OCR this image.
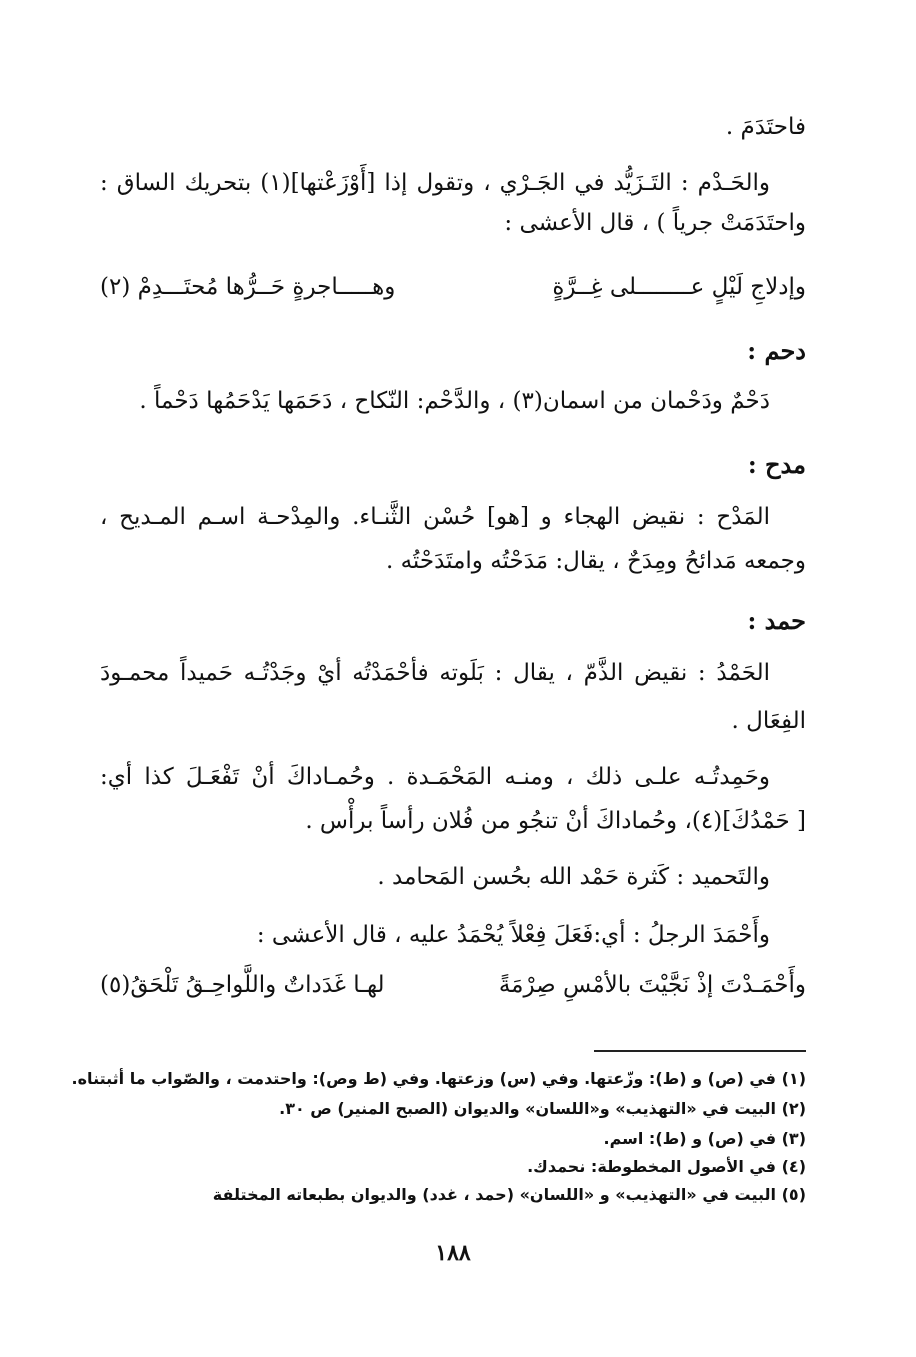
فاحتَدَمَ .
والحَـدْم : التَـزَيُّد في الجَـرْي ، وتقول إذا [أَوْزَعْتها](١) بتحريك الساق :
واحتَدَمَتْ جرياً ) ، قال الأعشى :
وإدلاجِ لَيْلٍ عــــــــلى غِــرَّةٍ
وهـــــاجرةٍ حَــرُّها مُحتَـــدِمْ (٢)
دحم :
دَحْمٌ ودَحْمان من اسمان(٣) ، والدَّحْم: النّكاح ، دَحَمَها يَدْحَمُها دَحْماً .
مدح :
المَدْح : نقيض الهجاء و [هو] حُسْن الثَّنـاء. والمِدْحـة اسـم المـديح ،
وجمعه مَدائحُ ومِدَحٌ ، يقال: مَدَحْتُه وامتَدَحْتُه .
حمد :
الحَمْدُ : نقيض الذَّمّ ، يقال : بَلَوته فأحْمَدْتُه أيْ وجَدْتُـه حَميداً محمـودَ
الفِعَال .
وحَمِدتُـه علـى ذلك ، ومنـه المَحْمَـدة . وحُمـاداكَ أنْ تَفْعَـلَ كذا أي:
[ حَمْدُكَ](٤)، وحُماداكَ أنْ تنجُو من فُلان رأساً برأْس .
والتَحميد : كَثرة حَمْد الله بحُسن المَحامد .
وأَحْمَدَ الرجلُ : أي:فَعَلَ فِعْلاً يُحْمَدُ عليه ، قال الأعشى :
وأَحْمَـدْتَ إذْ نَجَّيْتَ بالأمْسِ صِرْمَةً
لهـا غَدَداتٌ واللَّواحِـقُ تَلْحَقُ(٥)
(١) في (ص) و (ط): وزّعتها. وفي (س) وزعتها. وفي (ط وص): واحتدمت ، والصّواب ما أثبتناه.
(٢) البيت في «التهذيب» و«اللسان» والديوان (الصبح المنير) ص ٣٠.
(٣) في (ص) و (ط): اسم.
(٤) في الأصول المخطوطة: نحمدك.
(٥) البيت في «التهذيب» و «اللسان» (حمد ، غدد) والديوان بطبعاته المختلفة
١٨٨
